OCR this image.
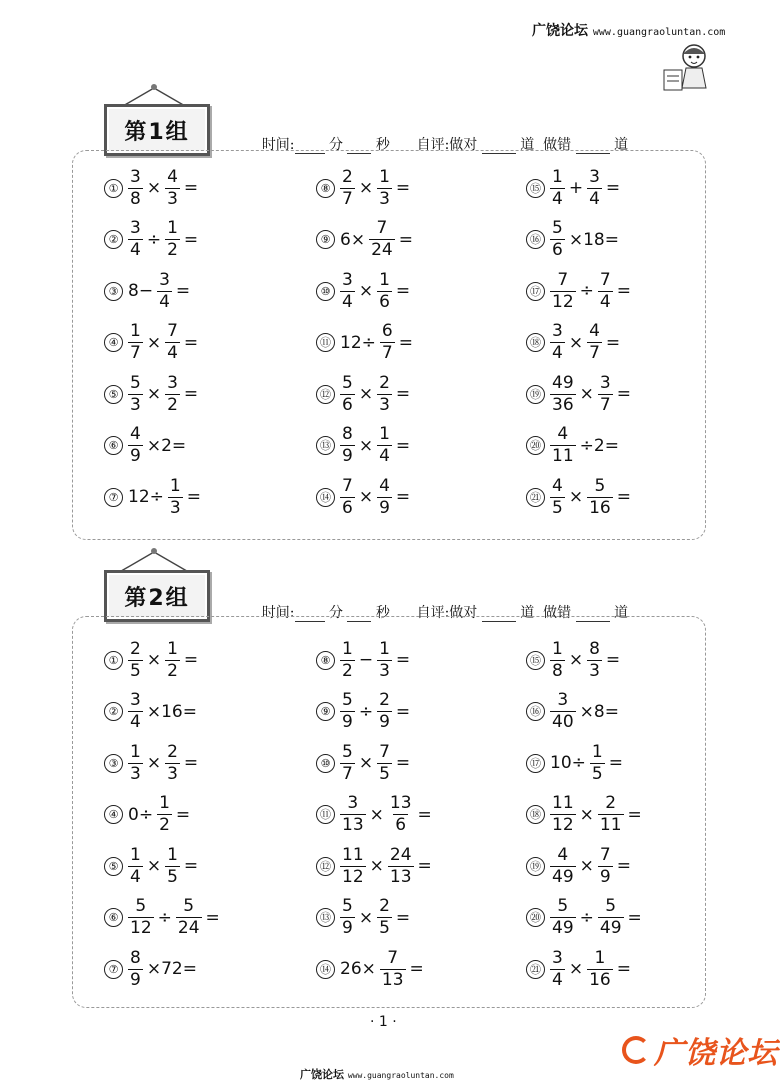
广饶论坛 www.guangraoluntan.com
第1组

时间: 分 秒 自评:做对	道 做错	道

① $\frac{3}{8} \times \frac{4}{3}$ =
② $\frac{3}{4} \div \frac{1}{2}$ =
③ $8- \frac{3}{4}$ =
④ $\frac{1}{7} \times \frac{7}{4}$ =
⑤ $\frac{5}{3} \times \frac{3}{2}$ =
⑥ $\frac{4}{9} \times 2=$
⑦ $12\div \frac{1}{3}$ =
⑧ $\frac{2}{7} \times \frac{1}{3}$ =
⑨ $6\times \frac{7}{24}$ =
⑩ $\frac{3}{4} \times \frac{1}{6}$ =
⑪ $12\div \frac{6}{7}$ =
⑫ $\frac{5}{6} \times \frac{2}{3}$ =
⑬ $\frac{8}{9} \times \frac{1}{4}$ =
⑭ $\frac{7}{6} \times \frac{4}{9}$ =
⑮ $\frac{1}{4} + \frac{3}{4}$ =
⑯ $\frac{5}{6} \times 18=$
⑰ $\frac{7}{12} \div \frac{7}{4}$ =
⑱ $\frac{3}{4} \times \frac{4}{7}$ =
⑲ $\frac{49}{36} \times \frac{3}{7}$ =
⑳ $\frac{4}{11} \div 2=$
㉑ $\frac{4}{5} \times \frac{5}{16}$ =
第2组

时间: 分 秒 自评:做对	道 做错	道

① $\frac{2}{5} \times \frac{1}{2}$ =
② $\frac{3}{4} \times 16=$
③ $\frac{1}{3} \times \frac{2}{3}$ =
④ $0\div \frac{1}{2}$ =
⑤ $\frac{1}{4} \times \frac{1}{5}$ =
⑥ $\frac{5}{12} \div \frac{5}{24}$ =
⑦ $\frac{8}{9} \times 72=$
⑧ $\frac{1}{2} - \frac{1}{3}$ =
⑨ $\frac{5}{9} \div \frac{2}{9}$ =
⑩ $\frac{5}{7} \times \frac{7}{5}$ =
⑪ $\frac{3}{13} \times \frac{13}{6}$ =
⑫ $\frac{11}{12} \times \frac{24}{13}$ =
⑬ $\frac{5}{9} \times \frac{2}{5}$ =
⑭ $26\times \frac{7}{13}$ =
⑮ $\frac{1}{8} \times \frac{8}{3}$ =
⑯ $\frac{3}{40} \times 8=$
⑰ $10\div \frac{1}{5}$ =
⑱ $\frac{11}{12} \times \frac{2}{11}$ =
⑲ $\frac{4}{49} \times \frac{7}{9}$ =
⑳ $\frac{5}{49} \div \frac{5}{49}$ =
㉑ $\frac{3}{4} \times \frac{1}{16}$ =
· 1 ·
广饶论坛 www.guangraoluntan.com
广饶论坛
